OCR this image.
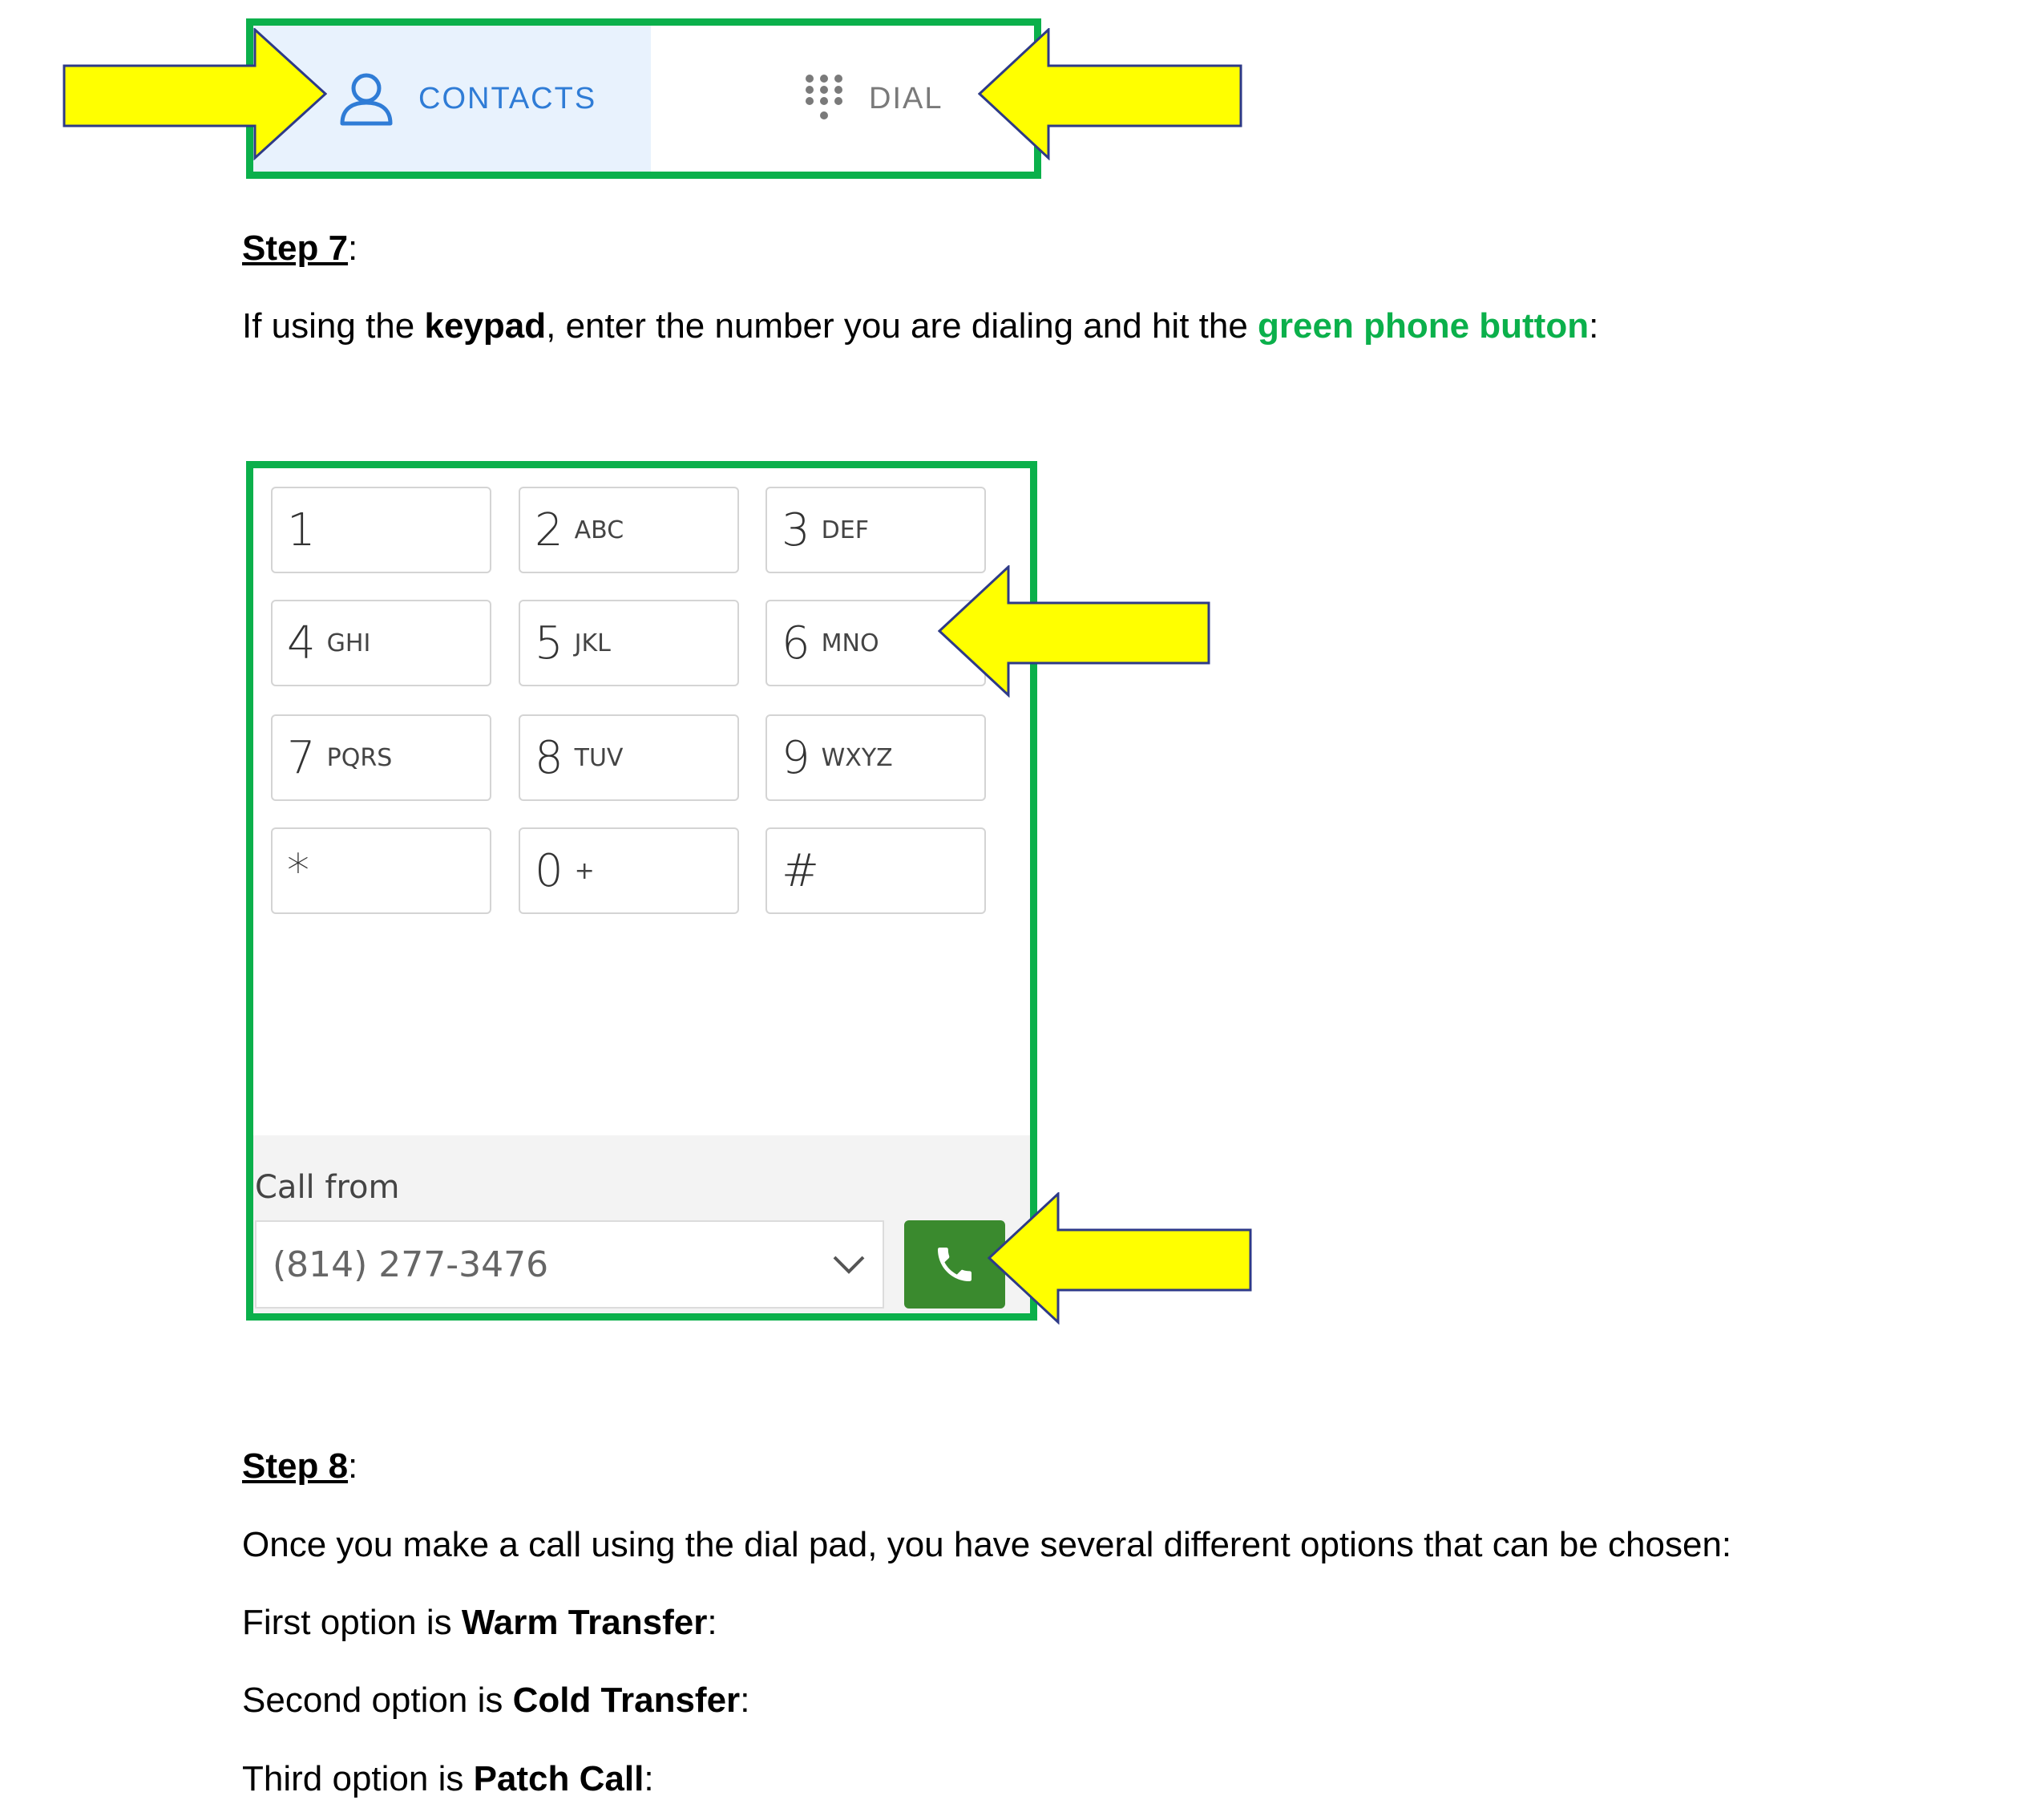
CONTACTS	DIAL
Step 7:
If using the keypad, enter the number you are dialing and hit the green phone button:
1	2 ABC	3 DEF
4 GHI	5 JKL	6 MNO
7 PQRS	8 TUV	9 WXYZ
*	0 +	#
Call from
(814) 277-3476
Step 8:
Once you make a call using the dial pad, you have several different options that can be chosen:
First option is Warm Transfer:
Second option is Cold Transfer:
Third option is Patch Call:
